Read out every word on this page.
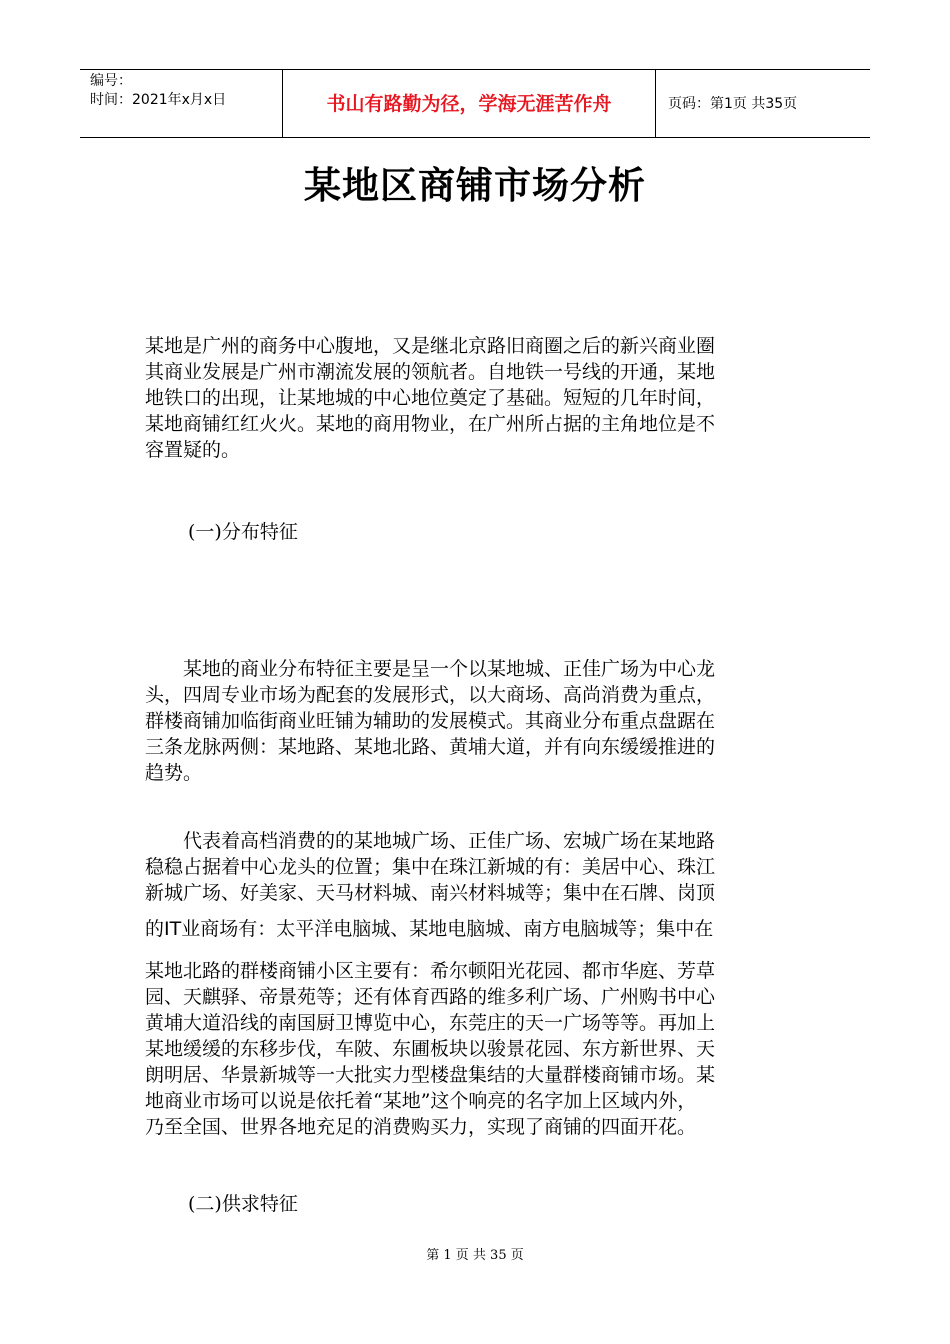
编号：
时间：2021年x月x日	书山有路勤为径，学海无涯苦作舟	页码：第1页 共35页
某地区商铺市场分析
某地是广州的商务中心腹地，又是继北京路旧商圈之后的新兴商业圈
其商业发展是广州市潮流发展的领航者。自地铁一号线的开通，某地
地铁口的出现，让某地城的中心地位奠定了基础。短短的几年时间，
某地商铺红红火火。某地的商用物业，在广州所占据的主角地位是不
容置疑的。
(一)分布特征
　　某地的商业分布特征主要是呈一个以某地城、正佳广场为中心龙
头，四周专业市场为配套的发展形式，以大商场、高尚消费为重点，
群楼商铺加临街商业旺铺为辅助的发展模式。其商业分布重点盘踞在
三条龙脉两侧：某地路、某地北路、黄埔大道，并有向东缓缓推进的
趋势。
　　代表着高档消费的的某地城广场、正佳广场、宏城广场在某地路
稳稳占据着中心龙头的位置；集中在珠江新城的有：美居中心、珠江
新城广场、好美家、天马材料城、南兴材料城等；集中在石牌、岗顶
的IT业商场有：太平洋电脑城、某地电脑城、南方电脑城等；集中在
某地北路的群楼商铺小区主要有：希尔顿阳光花园、都市华庭、芳草
园、天麒驿、帝景苑等；还有体育西路的维多利广场、广州购书中心
黄埔大道沿线的南国厨卫博览中心，东莞庄的天一广场等等。再加上
某地缓缓的东移步伐，车陂、东圃板块以骏景花园、东方新世界、天
朗明居、华景新城等一大批实力型楼盘集结的大量群楼商铺市场。某
地商业市场可以说是依托着“某地”这个响亮的名字加上区域内外，
乃至全国、世界各地充足的消费购买力，实现了商铺的四面开花。
(二)供求特征
第 1 页 共 35 页
